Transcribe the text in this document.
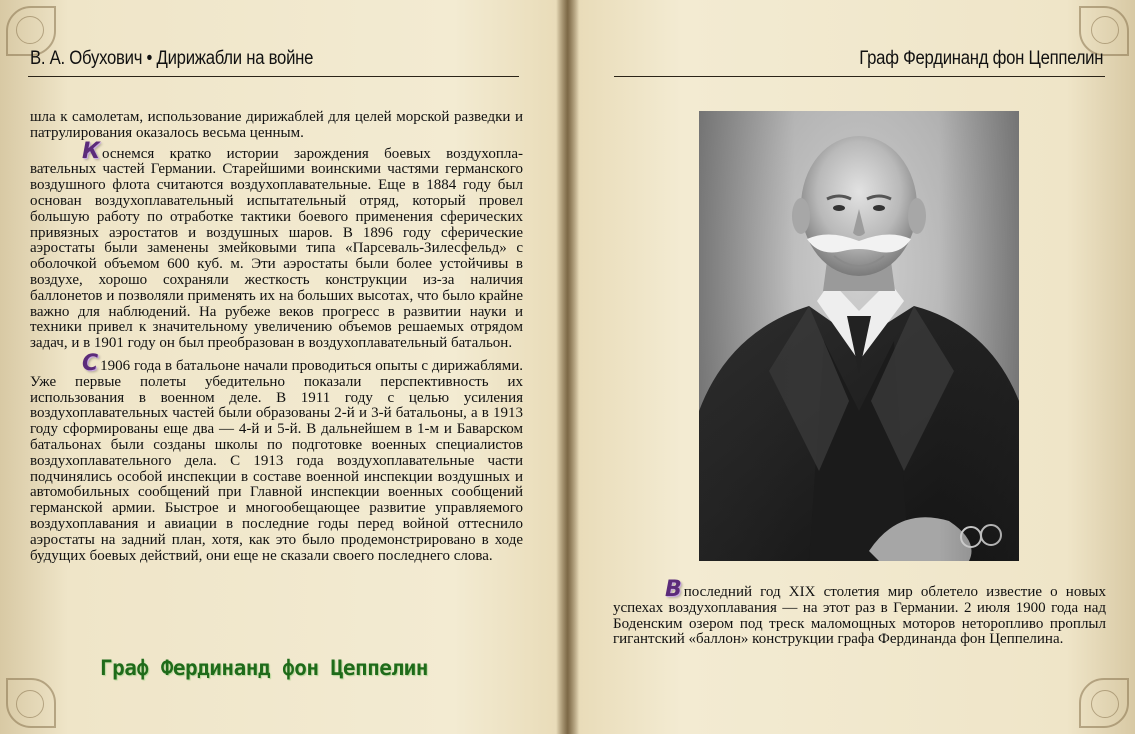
В. А. Обухович • Дирижабли на войне

шла к самолетам, использование дирижаблей для целей морской разведки и патрулирования оказалось весьма ценным.

К оснемся кратко истории зарождения боевых воздухоплавательных частей Германии. Старейшими воинскими частями германского воздушного флота считаются воздухоплавательные. Еще в 1884 году был основан воздухоплавательный испытательный отряд, который провел большую работу по отработке тактики боевого применения сферических привязных аэростатов и воздушных шаров. В 1896 году сферические аэростаты были заменены змейковыми типа «Парсеваль-Зилесфельд» с оболочкой объемом 600 куб. м. Эти аэростаты были более устойчивы в воздухе, хорошо сохраняли жесткость конструкции из-за наличия баллонетов и позволяли применять их на больших высотах, что было крайне важно для наблюдений. На рубеже веков прогресс в развитии науки и техники привел к значительному увеличению объемов решаемых отрядом задач, и в 1901 году он был преобразован в воздухоплавательный батальон.

С 1906 года в батальоне начали проводиться опыты с дирижаблями. Уже первые полеты убедительно показали перспективность их использования в военном деле. В 1911 году с целью усиления воздухоплавательных частей были образованы 2-й и 3-й батальоны, а в 1913 году сформированы еще два — 4-й и 5-й. В дальнейшем в 1-м и Баварском батальонах были созданы школы по подготовке военных специалистов воздухоплавательного дела. С 1913 года воздухоплавательные части подчинялись особой инспекции в составе военной инспекции воздушных и автомобильных сообщений при Главной инспекции военных сообщений германской армии. Быстрое и многообещающее развитие управляемого воздухоплавания и авиации в последние годы перед войной оттеснило аэростаты на задний план, хотя, как это было продемонстрировано в ходе будущих боевых действий, они еще не сказали своего последнего слова.

Граф Фердинанд фон Цеппелин
Граф Фердинанд фон Цеппелин

В последний год XIX столетия мир облетело известие о новых успехах воздухоплавания — на этот раз в Германии. 2 июля 1900 года над Боденским озером под треск маломощных моторов неторопливо проплыл гигантский «баллон» конструкции графа Фердинанда фон Цеппелина.
